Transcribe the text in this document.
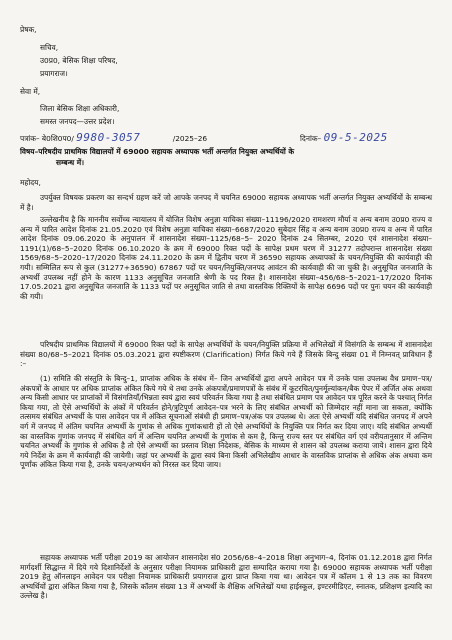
प्रेषक,
सचिव,
उ0प्र0, बेसिक शिक्षा परिषद,
प्रयागराज।
सेवा में,
जिला बेसिक शिक्षा अधिकारी,
समस्त जनपद—उत्तर प्रदेश।
पत्रांक– बे0शि0प0/ 9980-3057	/2025–26	दिनांक– 09-5-2025
विषय–परिषदीय प्राथमिक विद्यालयों में 69000 सहायक अध्यापक भर्ती अन्तर्गत नियुक्त अभ्यर्थियों के
सम्बन्ध में।
महोदय,
उपर्युक्त विषयक प्रकरण का सन्दर्भ ग्रहण करें जो आपके जनपद में चयनित 69000 सहायक अध्यापक भर्ती अन्तर्गत नियुक्त अभ्यर्थियों के सम्बन्ध में है।
उल्लेखनीय है कि माननीय सर्वोच्च न्यायालय में योजित विशेष अनुज्ञा याचिका संख्या–11196/2020 रामशरण मौर्या व अन्य बनाम उ0प्र0 राज्य व अन्य में पारित आदेश दिनांक 21.05.2020 एवं विशेष अनुज्ञा याचिका संख्या–6687/2020 सुबेदार सिंह व अन्य बनाम उ0प्र0 राज्य व अन्य में पारित आदेश दिनांक 09.06.2020 के अनुपालन में शासनादेश संख्या–1125/68–5– 2020 दिनांक 24 सितम्बर, 2020 एवं शासनादेश संख्या–1191(1)/68–5–2020 दिनांक 06.10.2020 के क्रम में 69000 रिक्त पदों के सापेक्ष प्रथम चरण में 31277 तदोपरान्त शासनादेश संख्या 1569/68–5–2020–17/2020 दिनांक 24.11.2020 के क्रम में द्वितीय चरण में 36590 सहायक अध्यापकों के चयन/नियुक्ति की कार्यवाही की गयी। सम्मिलित रूप से कुल (31277+36590) 67867 पदों पर चयन/नियुक्ति/जनपद आवंटन की कार्यवाही की जा चुकी है। अनुसूचित जनजाति के अभ्यर्थी उपलब्ध नहीं होने के कारण 1133 अनुसूचित जनजाति श्रेणी के पद रिक्त है। शासनादेश संख्या–456/68–5–2021–17/2020 दिनांक 17.05.2021 द्वारा अनुसूचित जनजाति के 1133 पदों पर अनुसूचित जाति से तथा वास्तविक रिक्तियों के सापेक्ष 6696 पदों पर पुनः चयन की कार्यवाही की गयी।
परिषदीय प्राथमिक विद्यालयों में 69000 रिक्त पदों के सापेक्ष अभ्यर्थियों के चयन/नियुक्ति प्रक्रिया में अभिलेखों में विसंगति के सम्बन्ध में शासनादेश संख्या 80/68–5–2021 दिनांक 05.03.2021 द्वारा स्पष्टीकरण (Clarification) निर्गत किये गये हैं जिसके बिन्दु संख्या 01 में निम्नवत् प्राविधान हैं :–
(1) समिति की संस्तुति के बिन्दु–1, प्राप्तांक अधिक के संबंध में– जिन अभ्यर्थियों द्वारा अपने आवेदन पत्र में उनके पास उपलब्ध वैध प्रमाण–पत्र/अंकपत्रों के आधार पर अधिक प्राप्तांक अंकित किये गये थे तथा उनके अंकपत्रों/प्रमाणपत्रों के संबंध में कूटरचित/पुनर्मूल्यांकन/बैक पेपर में अर्जित अंक अथवा अन्य किसी आधार पर प्राप्तांकों में विसंगतियाँ/भिन्नता स्वयं द्वारा स्वयं परिवर्तन किया गया है तथा संबंधित प्रमाण पत्र आवेदन पत्र पूरित करने के पश्चात् निर्गत किया गया, तो ऐसे अभ्यर्थियों के अंकों में परिवर्तन होने/त्रुटिपूर्ण आवेदन–पत्र भरने के लिए संबंधित अभ्यर्थी को जिम्मेदार नहीं माना जा सकता, क्योंकि तत्समय संबंधित अभ्यर्थी के पास आवेदन पत्र में अंकित सूचनाओं संबंधी ही प्रमाण–पत्र/अंक पत्र उपलब्ध थे। अतः ऐसे अभ्यर्थी यदि संबंधित जनपद में अपने वर्ग में जनपद में अंतिम चयनित अभ्यर्थी के गुणांक से अधिक गुणांकधारी हों तो ऐसे अभ्यर्थियों के नियुक्ति पत्र निर्गत कर दिया जाए। यदि संबंधित अभ्यर्थी का वास्तविक गुणांक जनपद में संबंधित वर्ग में अन्तिम चयनित अभ्यर्थी के गुणांक से कम है, किन्तु राज्य स्तर पर संबंधित वर्ग एवं वरीयतानुसार में अन्तिम चयनित अभ्यर्थी के गुणांक से अधिक है तो ऐसे अभ्यर्थी का प्रस्ताव शिक्षा निदेशक, बेसिक के माध्यम से शासन को उपलब्ध कराया जाये। शासन द्वारा दिये गये निर्देश के क्रम में कार्यवाही की जायेगी। जहां पर अभ्यर्थी के द्वारा स्वयं बिना किसी अभिलेखीय आधार के वास्तविक प्राप्तांक से अधिक अंक अथवा कम पूर्णांक अंकित किया गया है, उनके चयन/अभ्यर्थन को निरस्त कर दिया जाय।
सहायक अध्यापक भर्ती परीक्षा 2019 का आयोजन शासनादेश सं0 2056/68–4–2018 शिक्षा अनुभाग–4, दिनांक 01.12.2018 द्वारा निर्गत मार्गदर्शी सिद्धान्त में दिये गये दिशानिर्देशों के अनुसार परीक्षा नियामक प्राधिकारी द्वारा सम्पादित कराया गया है। 69000 सहायक अध्यापक भर्ती परीक्षा 2019 हेतु ऑनलाइन आवेदन पत्र परीक्षा नियामक प्राधिकारी प्रयागराज द्वारा प्राप्त किया गया था। आवेदन पत्र में कॉलम 1 से 13 तक का विवरण अभ्यर्थियों द्वारा अंकित किया गया है, जिसके कॉलम संख्या 13 में अभ्यर्थी के शैक्षिक अभिलेखों यथा हाईस्कूल, इण्टरमीडिएट, स्नातक, प्रशिक्षण इत्यादि का उल्लेख है।
